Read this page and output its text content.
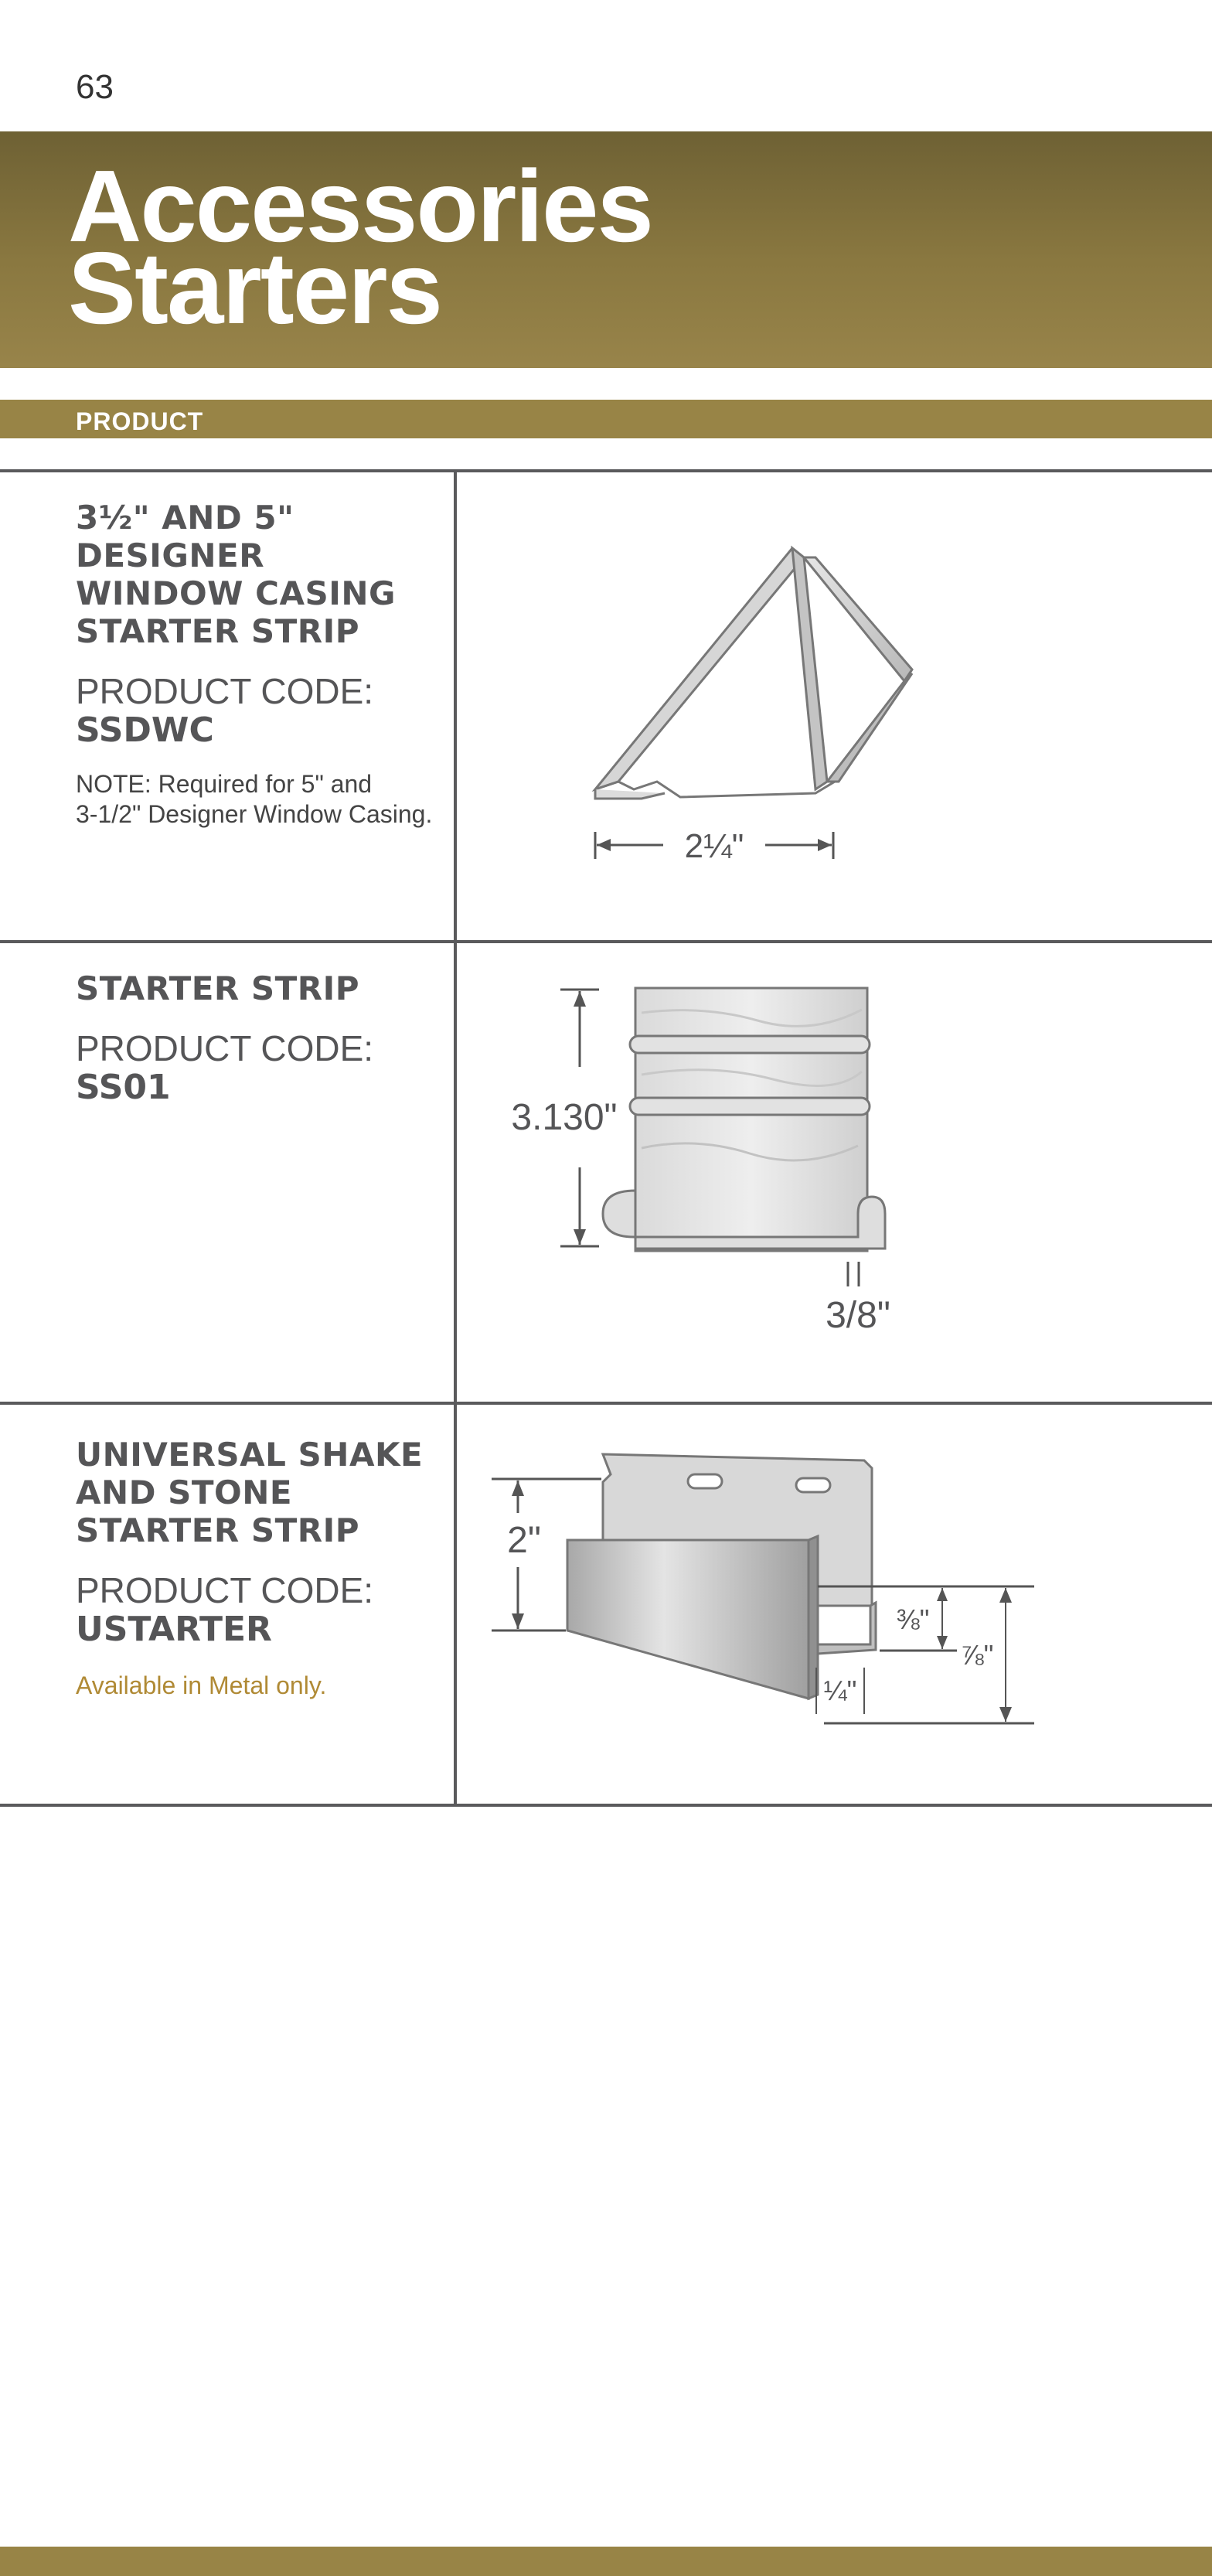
63
Accessories
Starters
PRODUCT
3½" AND 5" DESIGNER WINDOW CASING STARTER STRIP
PRODUCT CODE:
SSDWC
NOTE: Required for 5" and
3-1/2" Designer Window Casing.
2¼"
STARTER STRIP
PRODUCT CODE:
SS01
3.130"
3/8"
UNIVERSAL SHAKE AND STONE STARTER STRIP
PRODUCT CODE:
USTARTER
Available in Metal only.
2"
⅜"
⅞"
¼"
